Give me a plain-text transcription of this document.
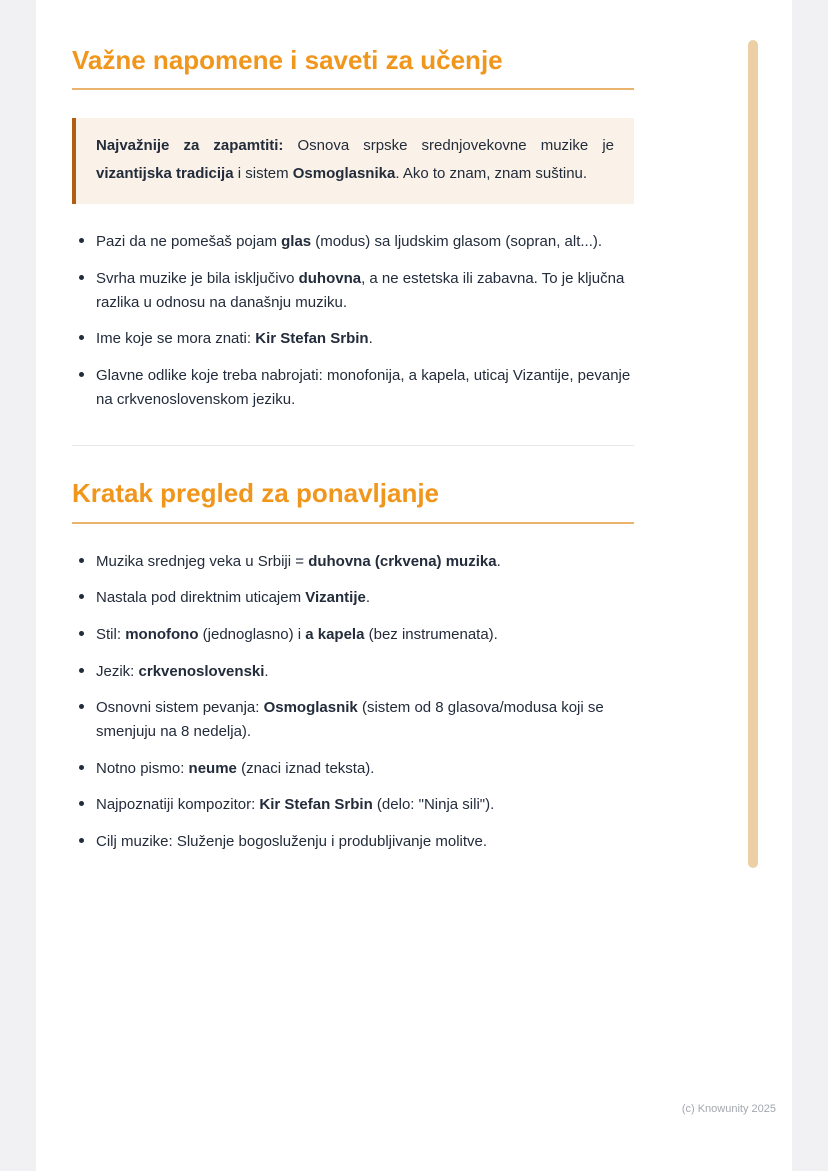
Važne napomene i saveti za učenje

Najvažnije za zapamtiti: Osnova srpske srednjovekovne muzike je vizantijska tradicija i sistem Osmoglasnika. Ako to znam, znam suštinu.

Pazi da ne pomešaš pojam glas (modus) sa ljudskim glasom (sopran, alt...).
Svrha muzike je bila isključivo duhovna, a ne estetska ili zabavna. To je ključna razlika u odnosu na današnju muziku.
Ime koje se mora znati: Kir Stefan Srbin.
Glavne odlike koje treba nabrojati: monofonija, a kapela, uticaj Vizantije, pevanje na crkvenoslovenskom jeziku.
Kratak pregled za ponavljanje
Muzika srednjeg veka u Srbiji = duhovna (crkvena) muzika.
Nastala pod direktnim uticajem Vizantije.
Stil: monofono (jednoglasno) i a kapela (bez instrumenata).
Jezik: crkvenoslovenski.
Osnovni sistem pevanja: Osmoglasnik (sistem od 8 glasova/modusa koji se smenjuju na 8 nedelja).
Notno pismo: neume (znaci iznad teksta).
Najpoznatiji kompozitor: Kir Stefan Srbin (delo: "Ninja sili").
Cilj muzike: Služenje bogosluženju i produbljivanje molitve.
(c) Knowunity 2025
